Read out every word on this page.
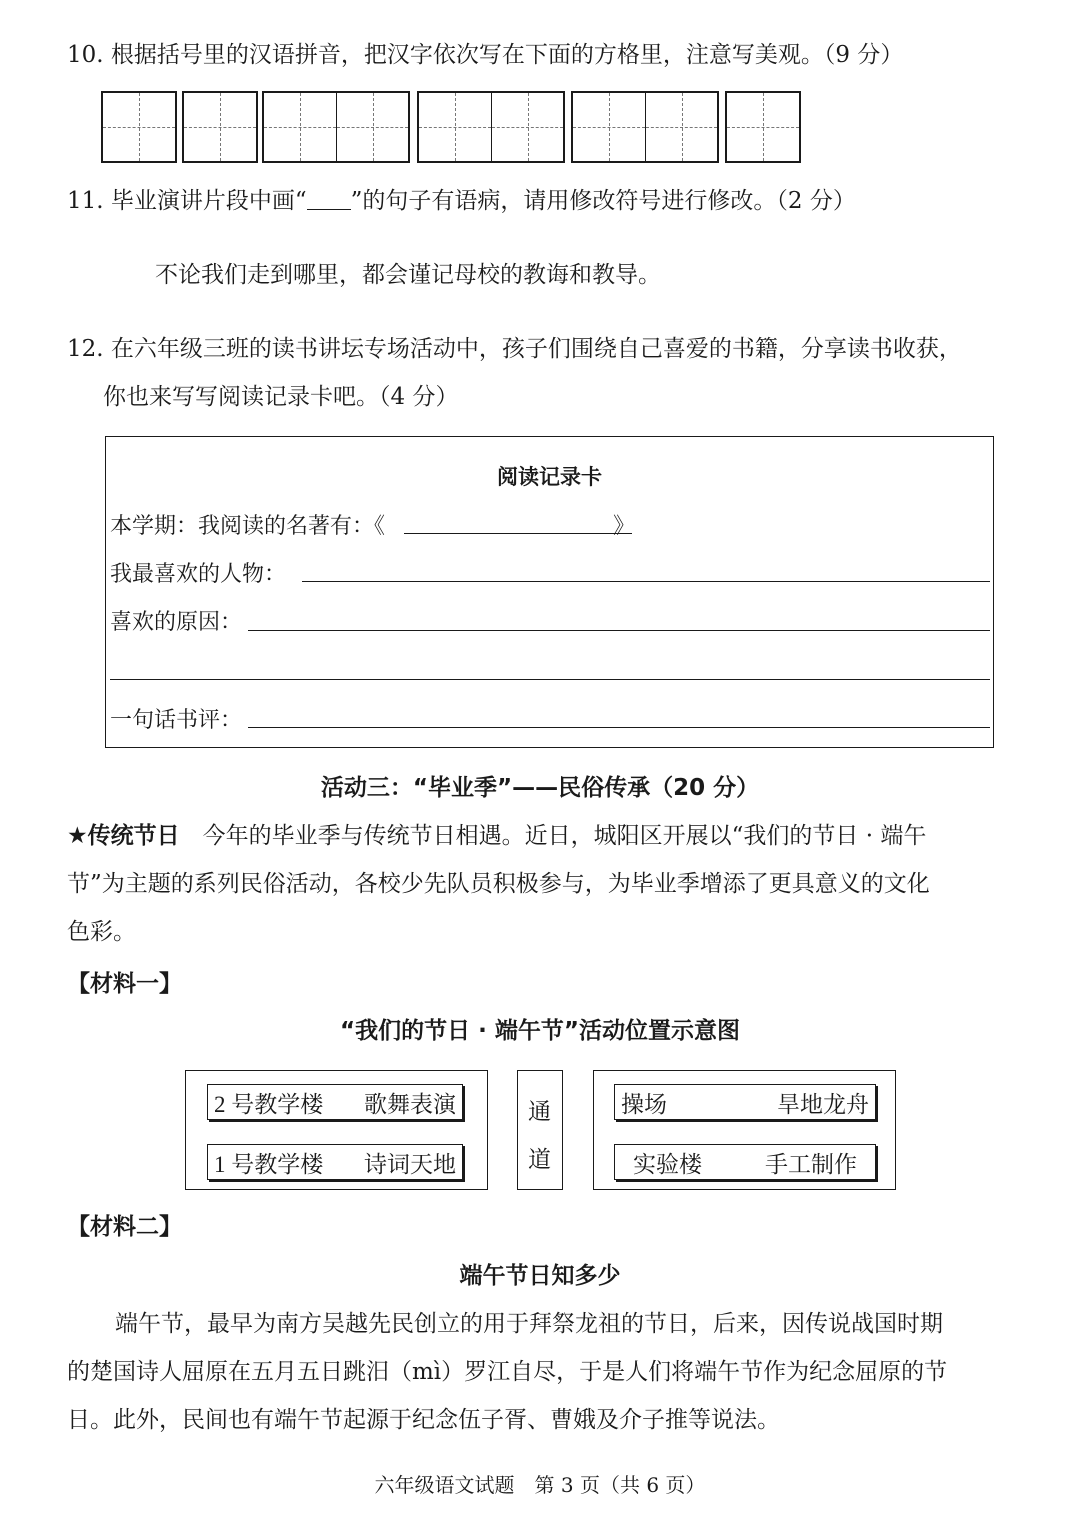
10. 根据括号里的汉语拼音，把汉字依次写在下面的方格里，注意写美观。（9 分）
11. 毕业演讲片段中画“ ”的句子有语病，请用修改符号进行修改。（2 分）
不论我们走到哪里，都会谨记母校的教诲和教导。
12. 在六年级三班的读书讲坛专场活动中，孩子们围绕自己喜爱的书籍，分享读书收获，
你也来写写阅读记录卡吧。（4 分）
阅读记录卡
本学期：我阅读的名著有：《	》
我最喜欢的人物：
喜欢的原因：
一句话书评：
活动三：“毕业季”——民俗传承（20 分）
★传统节日　 今年的毕业季与传统节日相遇。近日，城阳区开展以“我们的节日 · 端午
节”为主题的系列民俗活动，各校少先队员积极参与，为毕业季增添了更具意义的文化
色彩。
【材料一】
“我们的节日 · 端午节”活动位置示意图
2 号教学楼 歌舞表演
1 号教学楼 诗词天地
通
道
操场	旱地龙舟
实验楼	手工制作
【材料二】
端午节日知多少
端午节，最早为南方吴越先民创立的用于拜祭龙祖的节日，后来，因传说战国时期
的楚国诗人屈原在五月五日跳汨（mì）罗江自尽，于是人们将端午节作为纪念屈原的节
日。此外，民间也有端午节起源于纪念伍子胥、曹娥及介子推等说法。
六年级语文试题　第 3 页（共 6 页）
